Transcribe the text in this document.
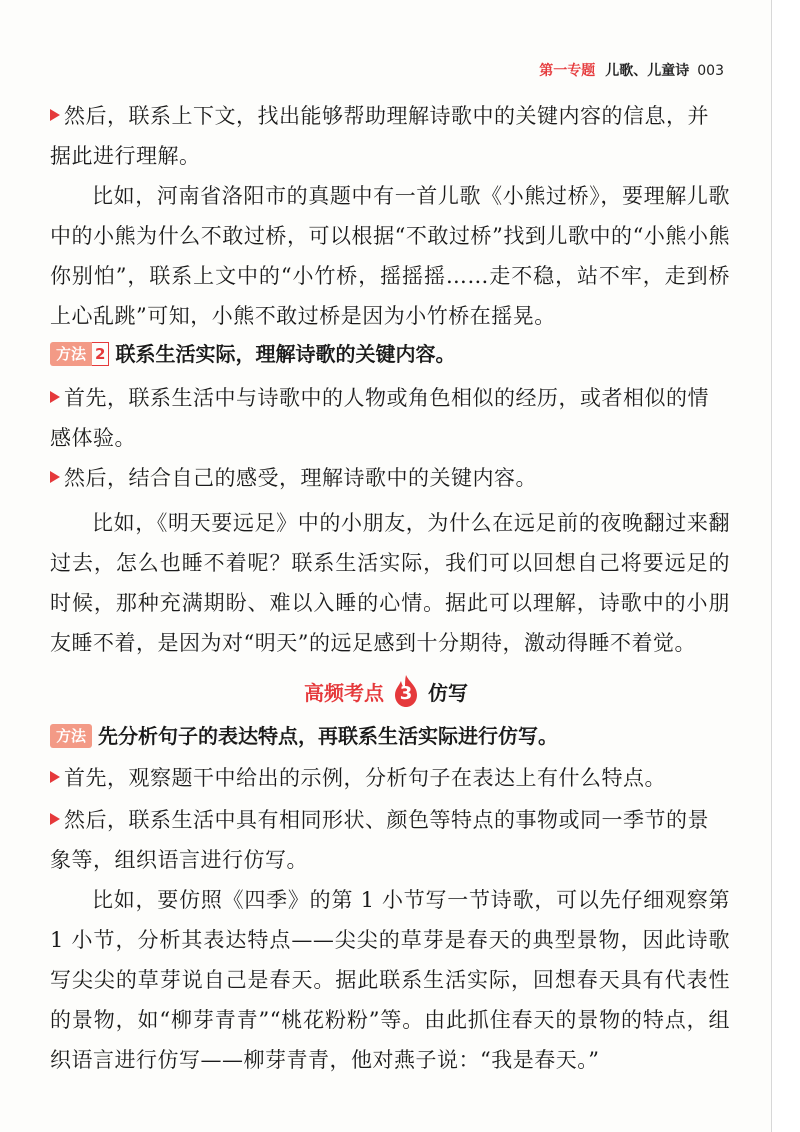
第一专题 儿歌、儿童诗 003
然后，联系上下文，找出能够帮助理解诗歌中的关键内容的信息，并据此进行理解。
比如，河南省洛阳市的真题中有一首儿歌《小熊过桥》，要理解儿歌中的小熊为什么不敢过桥，可以根据“不敢过桥”找到儿歌中的“小熊小熊你别怕”，联系上文中的“小竹桥，摇摇摇……走不稳，站不牢，走到桥上心乱跳”可知，小熊不敢过桥是因为小竹桥在摇晃。
方法 2 联系生活实际，理解诗歌的关键内容。
首先，联系生活中与诗歌中的人物或角色相似的经历，或者相似的情感体验。
然后，结合自己的感受，理解诗歌中的关键内容。
比如，《明天要远足》中的小朋友，为什么在远足前的夜晚翻过来翻过去，怎么也睡不着呢？联系生活实际，我们可以回想自己将要远足的时候，那种充满期盼、难以入睡的心情。据此可以理解，诗歌中的小朋友睡不着，是因为对“明天”的远足感到十分期待，激动得睡不着觉。
高频考点 3 仿写
方法 先分析句子的表达特点，再联系生活实际进行仿写。
首先，观察题干中给出的示例，分析句子在表达上有什么特点。
然后，联系生活中具有相同形状、颜色等特点的事物或同一季节的景象等，组织语言进行仿写。
比如，要仿照《四季》的第 1 小节写一节诗歌，可以先仔细观察第 1 小节，分析其表达特点——尖尖的草芽是春天的典型景物，因此诗歌写尖尖的草芽说自己是春天。据此联系生活实际，回想春天具有代表性的景物，如“柳芽青青”“桃花粉粉”等。由此抓住春天的景物的特点，组织语言进行仿写——柳芽青青，他对燕子说：“我是春天。”
